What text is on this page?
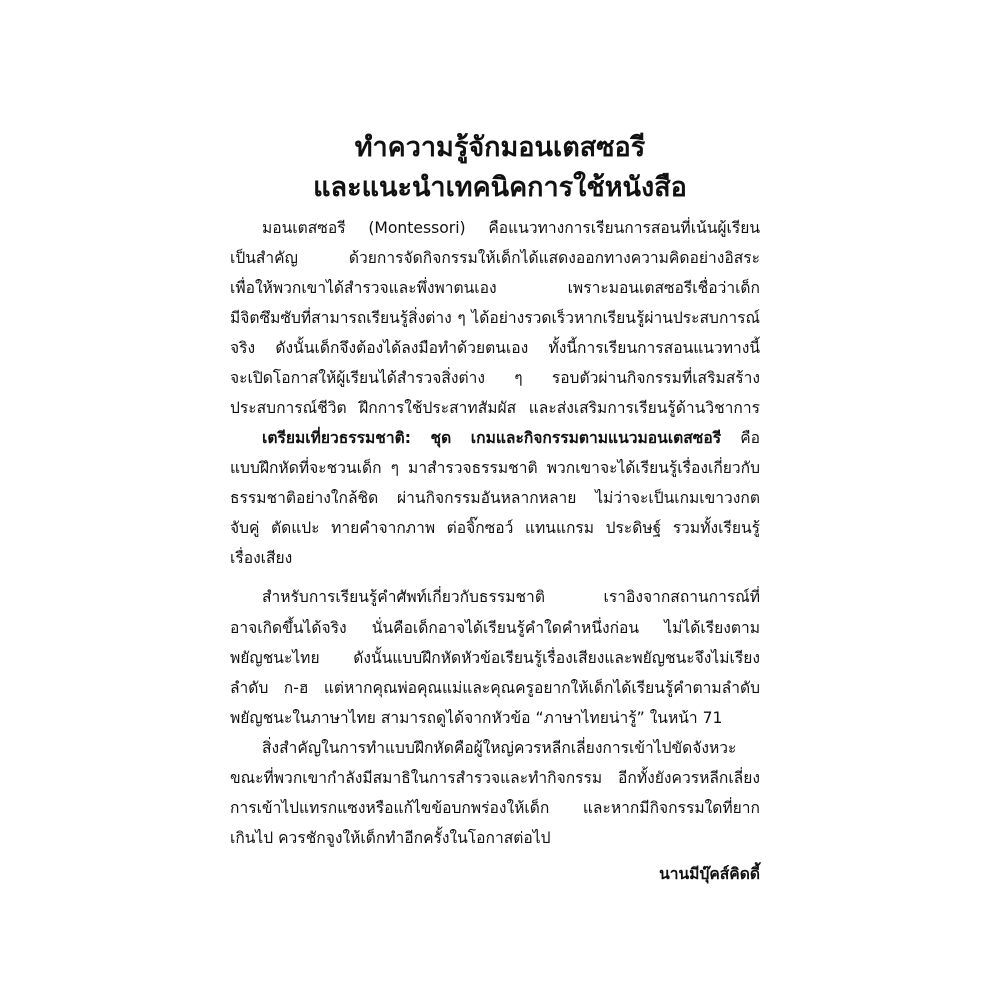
ทำความรู้จักมอนเตสซอรี
และแนะนำเทคนิคการใช้หนังสือ
มอนเตสซอรี (Montessori) คือแนวทางการเรียนการสอนที่เน้นผู้เรียน
เป็นสำคัญ ด้วยการจัดกิจกรรมให้เด็กได้แสดงออกทางความคิดอย่างอิสระ
เพื่อให้พวกเขาได้สำรวจและพึ่งพาตนเอง เพราะมอนเตสซอรีเชื่อว่าเด็ก
มีจิตซึมซับที่สามารถเรียนรู้สิ่งต่าง ๆ ได้อย่างรวดเร็วหากเรียนรู้ผ่านประสบการณ์
จริง ดังนั้นเด็กจึงต้องได้ลงมือทำด้วยตนเอง ทั้งนี้การเรียนการสอนแนวทางนี้
จะเปิดโอกาสให้ผู้เรียนได้สำรวจสิ่งต่าง ๆ รอบตัวผ่านกิจกรรมที่เสริมสร้าง
ประสบการณ์ชีวิต ฝึกการใช้ประสาทสัมผัส และส่งเสริมการเรียนรู้ด้านวิชาการ
เตรียมเที่ยวธรรมชาติ: ชุด เกมและกิจกรรมตามแนวมอนเตสซอรี คือ
แบบฝึกหัดที่จะชวนเด็ก ๆ มาสำรวจธรรมชาติ พวกเขาจะได้เรียนรู้เรื่องเกี่ยวกับ
ธรรมชาติอย่างใกล้ชิด ผ่านกิจกรรมอันหลากหลาย ไม่ว่าจะเป็นเกมเขาวงกต
จับคู่ ตัดแปะ ทายคำจากภาพ ต่อจิ๊กซอว์ แทนแกรม ประดิษฐ์ รวมทั้งเรียนรู้
เรื่องเสียง
สำหรับการเรียนรู้คำศัพท์เกี่ยวกับธรรมชาติ เราอิงจากสถานการณ์ที่
อาจเกิดขึ้นได้จริง นั่นคือเด็กอาจได้เรียนรู้คำใดคำหนึ่งก่อน ไม่ได้เรียงตาม
พยัญชนะไทย ดังนั้นแบบฝึกหัดหัวข้อเรียนรู้เรื่องเสียงและพยัญชนะจึงไม่เรียง
ลำดับ ก-ฮ แต่หากคุณพ่อคุณแม่และคุณครูอยากให้เด็กได้เรียนรู้คำตามลำดับ
พยัญชนะในภาษาไทย สามารถดูได้จากหัวข้อ “ภาษาไทยน่ารู้” ในหน้า 71
สิ่งสำคัญในการทำแบบฝึกหัดคือผู้ใหญ่ควรหลีกเลี่ยงการเข้าไปขัดจังหวะ
ขณะที่พวกเขากำลังมีสมาธิในการสำรวจและทำกิจกรรม อีกทั้งยังควรหลีกเลี่ยง
การเข้าไปแทรกแซงหรือแก้ไขข้อบกพร่องให้เด็ก และหากมีกิจกรรมใดที่ยาก
เกินไป ควรชักจูงให้เด็กทำอีกครั้งในโอกาสต่อไป
นานมีบุ๊คส์คิดดี้
